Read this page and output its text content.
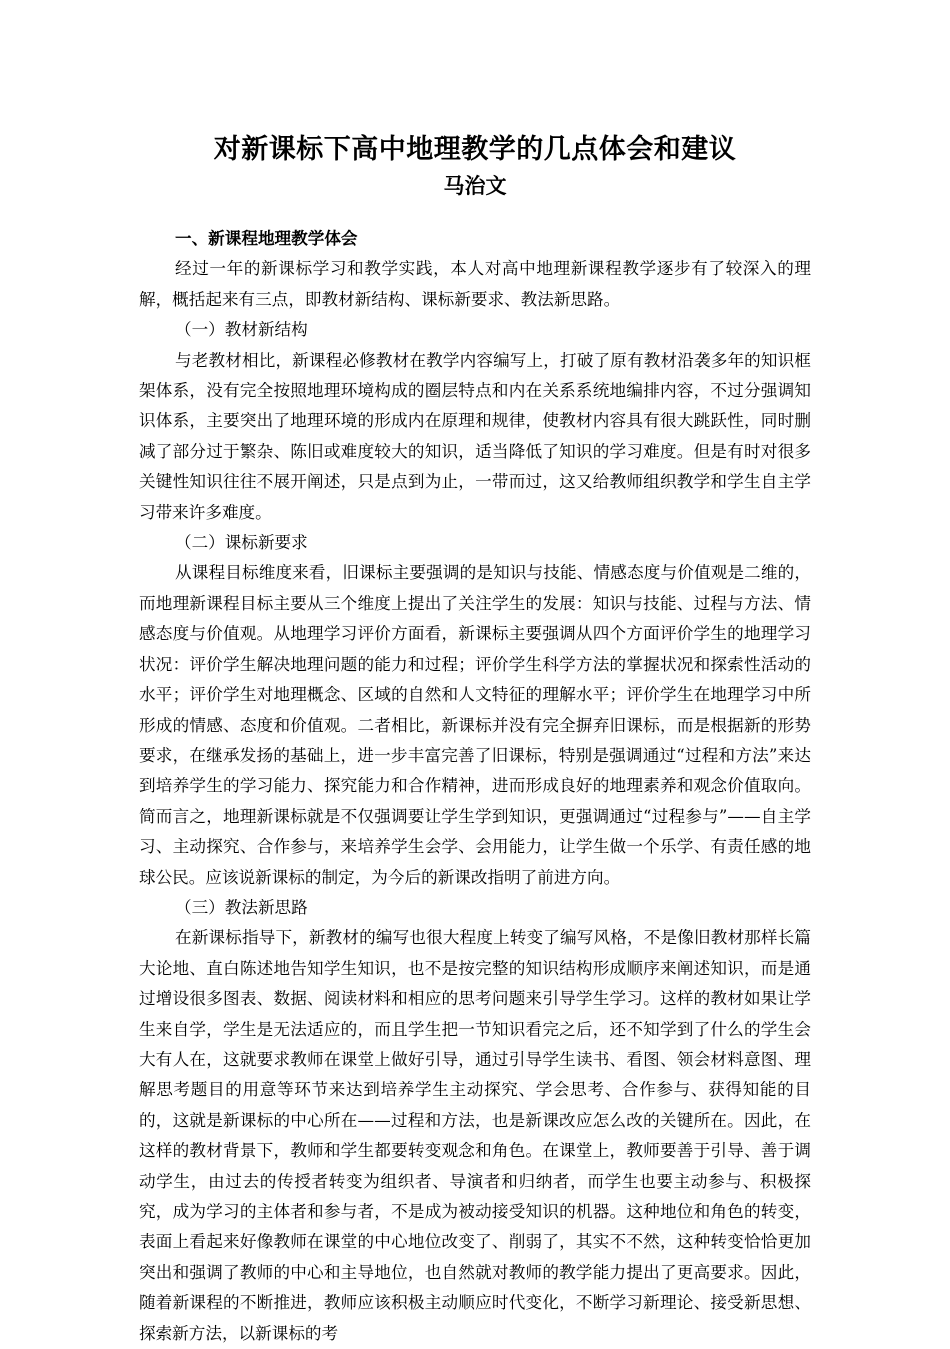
对新课标下高中地理教学的几点体会和建议
马治文

一、新课程地理教学体会

经过一年的新课标学习和教学实践，本人对高中地理新课程教学逐步有了较深入的理解，概括起来有三点，即教材新结构、课标新要求、教法新思路。

（一）教材新结构

与老教材相比，新课程必修教材在教学内容编写上，打破了原有教材沿袭多年的知识框架体系，没有完全按照地理环境构成的圈层特点和内在关系系统地编排内容，不过分强调知识体系，主要突出了地理环境的形成内在原理和规律，使教材内容具有很大跳跃性，同时删减了部分过于繁杂、陈旧或难度较大的知识，适当降低了知识的学习难度。但是有时对很多关键性知识往往不展开阐述，只是点到为止，一带而过，这又给教师组织教学和学生自主学习带来许多难度。

（二）课标新要求

从课程目标维度来看，旧课标主要强调的是知识与技能、情感态度与价值观是二维的，而地理新课程目标主要从三个维度上提出了关注学生的发展：知识与技能、过程与方法、情感态度与价值观。从地理学习评价方面看，新课标主要强调从四个方面评价学生的地理学习状况：评价学生解决地理问题的能力和过程；评价学生科学方法的掌握状况和探索性活动的水平；评价学生对地理概念、区域的自然和人文特征的理解水平；评价学生在地理学习中所形成的情感、态度和价值观。二者相比，新课标并没有完全摒弃旧课标，而是根据新的形势要求，在继承发扬的基础上，进一步丰富完善了旧课标，特别是强调通过“过程和方法”来达到培养学生的学习能力、探究能力和合作精神，进而形成良好的地理素养和观念价值取向。简而言之，地理新课标就是不仅强调要让学生学到知识，更强调通过“过程参与”——自主学习、主动探究、合作参与，来培养学生会学、会用能力，让学生做一个乐学、有责任感的地球公民。应该说新课标的制定，为今后的新课改指明了前进方向。

（三）教法新思路

在新课标指导下，新教材的编写也很大程度上转变了编写风格，不是像旧教材那样长篇大论地、直白陈述地告知学生知识，也不是按完整的知识结构形成顺序来阐述知识，而是通过增设很多图表、数据、阅读材料和相应的思考问题来引导学生学习。这样的教材如果让学生来自学，学生是无法适应的，而且学生把一节知识看完之后，还不知学到了什么的学生会大有人在，这就要求教师在课堂上做好引导，通过引导学生读书、看图、领会材料意图、理解思考题目的用意等环节来达到培养学生主动探究、学会思考、合作参与、获得知能的目的，这就是新课标的中心所在——过程和方法，也是新课改应怎么改的关键所在。因此，在这样的教材背景下，教师和学生都要转变观念和角色。在课堂上，教师要善于引导、善于调动学生，由过去的传授者转变为组织者、导演者和归纳者，而学生也要主动参与、积极探究，成为学习的主体者和参与者，不是成为被动接受知识的机器。这种地位和角色的转变，表面上看起来好像教师在课堂的中心地位改变了、削弱了，其实不不然，这种转变恰恰更加突出和强调了教师的中心和主导地位，也自然就对教师的教学能力提出了更高要求。因此，随着新课程的不断推进，教师应该积极主动顺应时代变化，不断学习新理论、接受新思想、探索新方法，以新课标的考
